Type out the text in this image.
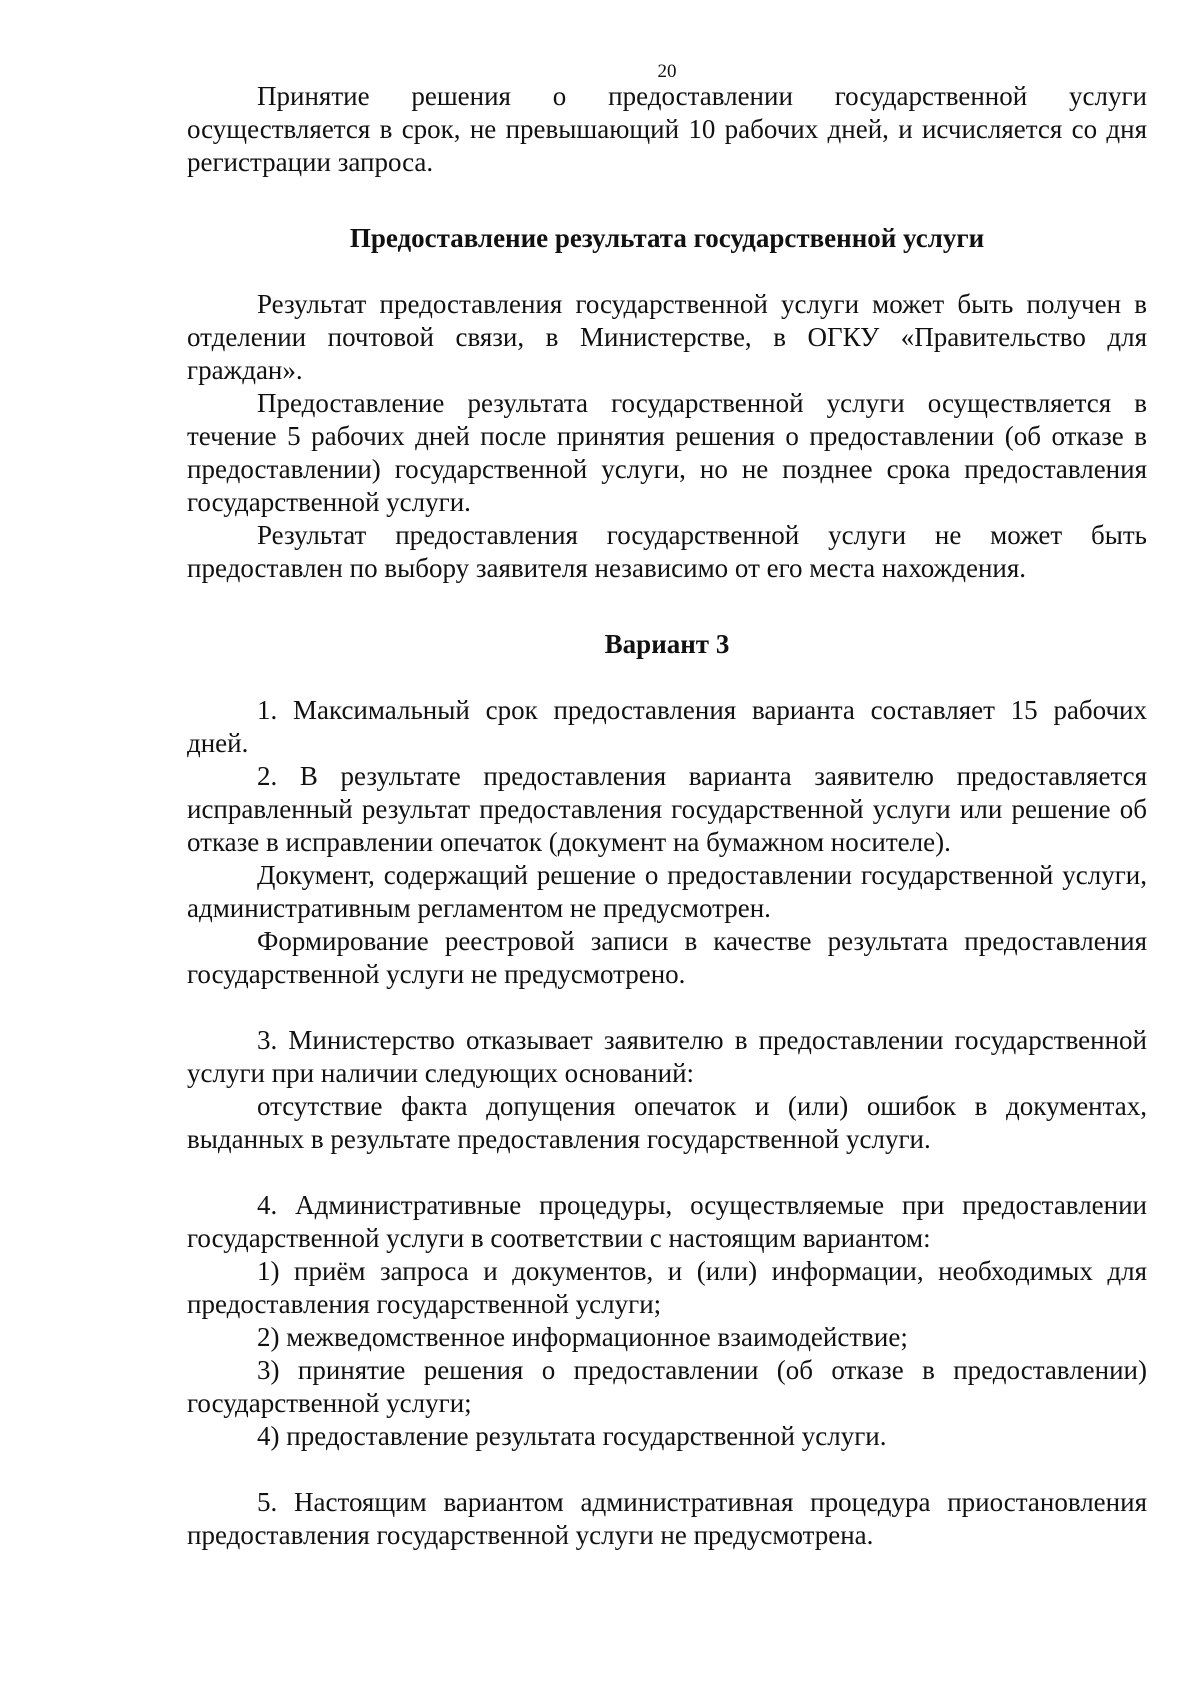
20

Принятие решения о предоставлении государственной услуги осуществляется в срок, не превышающий 10 рабочих дней, и исчисляется со дня регистрации запроса.

Предоставление результата государственной услуги

Результат предоставления государственной услуги может быть получен в отделении почтовой связи, в Министерстве, в ОГКУ «Правительство для граждан».

Предоставление результата государственной услуги осуществляется в течение 5 рабочих дней после принятия решения о предоставлении (об отказе в предоставлении) государственной услуги, но не позднее срока предоставления государственной услуги.

Результат предоставления государственной услуги не может быть предоставлен по выбору заявителя независимо от его места нахождения.

Вариант 3

1. Максимальный срок предоставления варианта составляет 15 рабочих дней.

2. В результате предоставления варианта заявителю предоставляется исправленный результат предоставления государственной услуги или решение об отказе в исправлении опечаток (документ на бумажном носителе).

Документ, содержащий решение о предоставлении государственной услуги, административным регламентом не предусмотрен.

Формирование реестровой записи в качестве результата предоставления государственной услуги не предусмотрено.

3. Министерство отказывает заявителю в предоставлении государственной услуги при наличии следующих оснований:

отсутствие факта допущения опечаток и (или) ошибок в документах, выданных в результате предоставления государственной услуги.

4. Административные процедуры, осуществляемые при предоставлении государственной услуги в соответствии с настоящим вариантом:

1) приём запроса и документов, и (или) информации, необходимых для предоставления государственной услуги;

2) межведомственное информационное взаимодействие;

3) принятие решения о предоставлении (об отказе в предоставлении) государственной услуги;

4) предоставление результата государственной услуги.

5. Настоящим вариантом административная процедура приостановления предоставления государственной услуги не предусмотрена.
